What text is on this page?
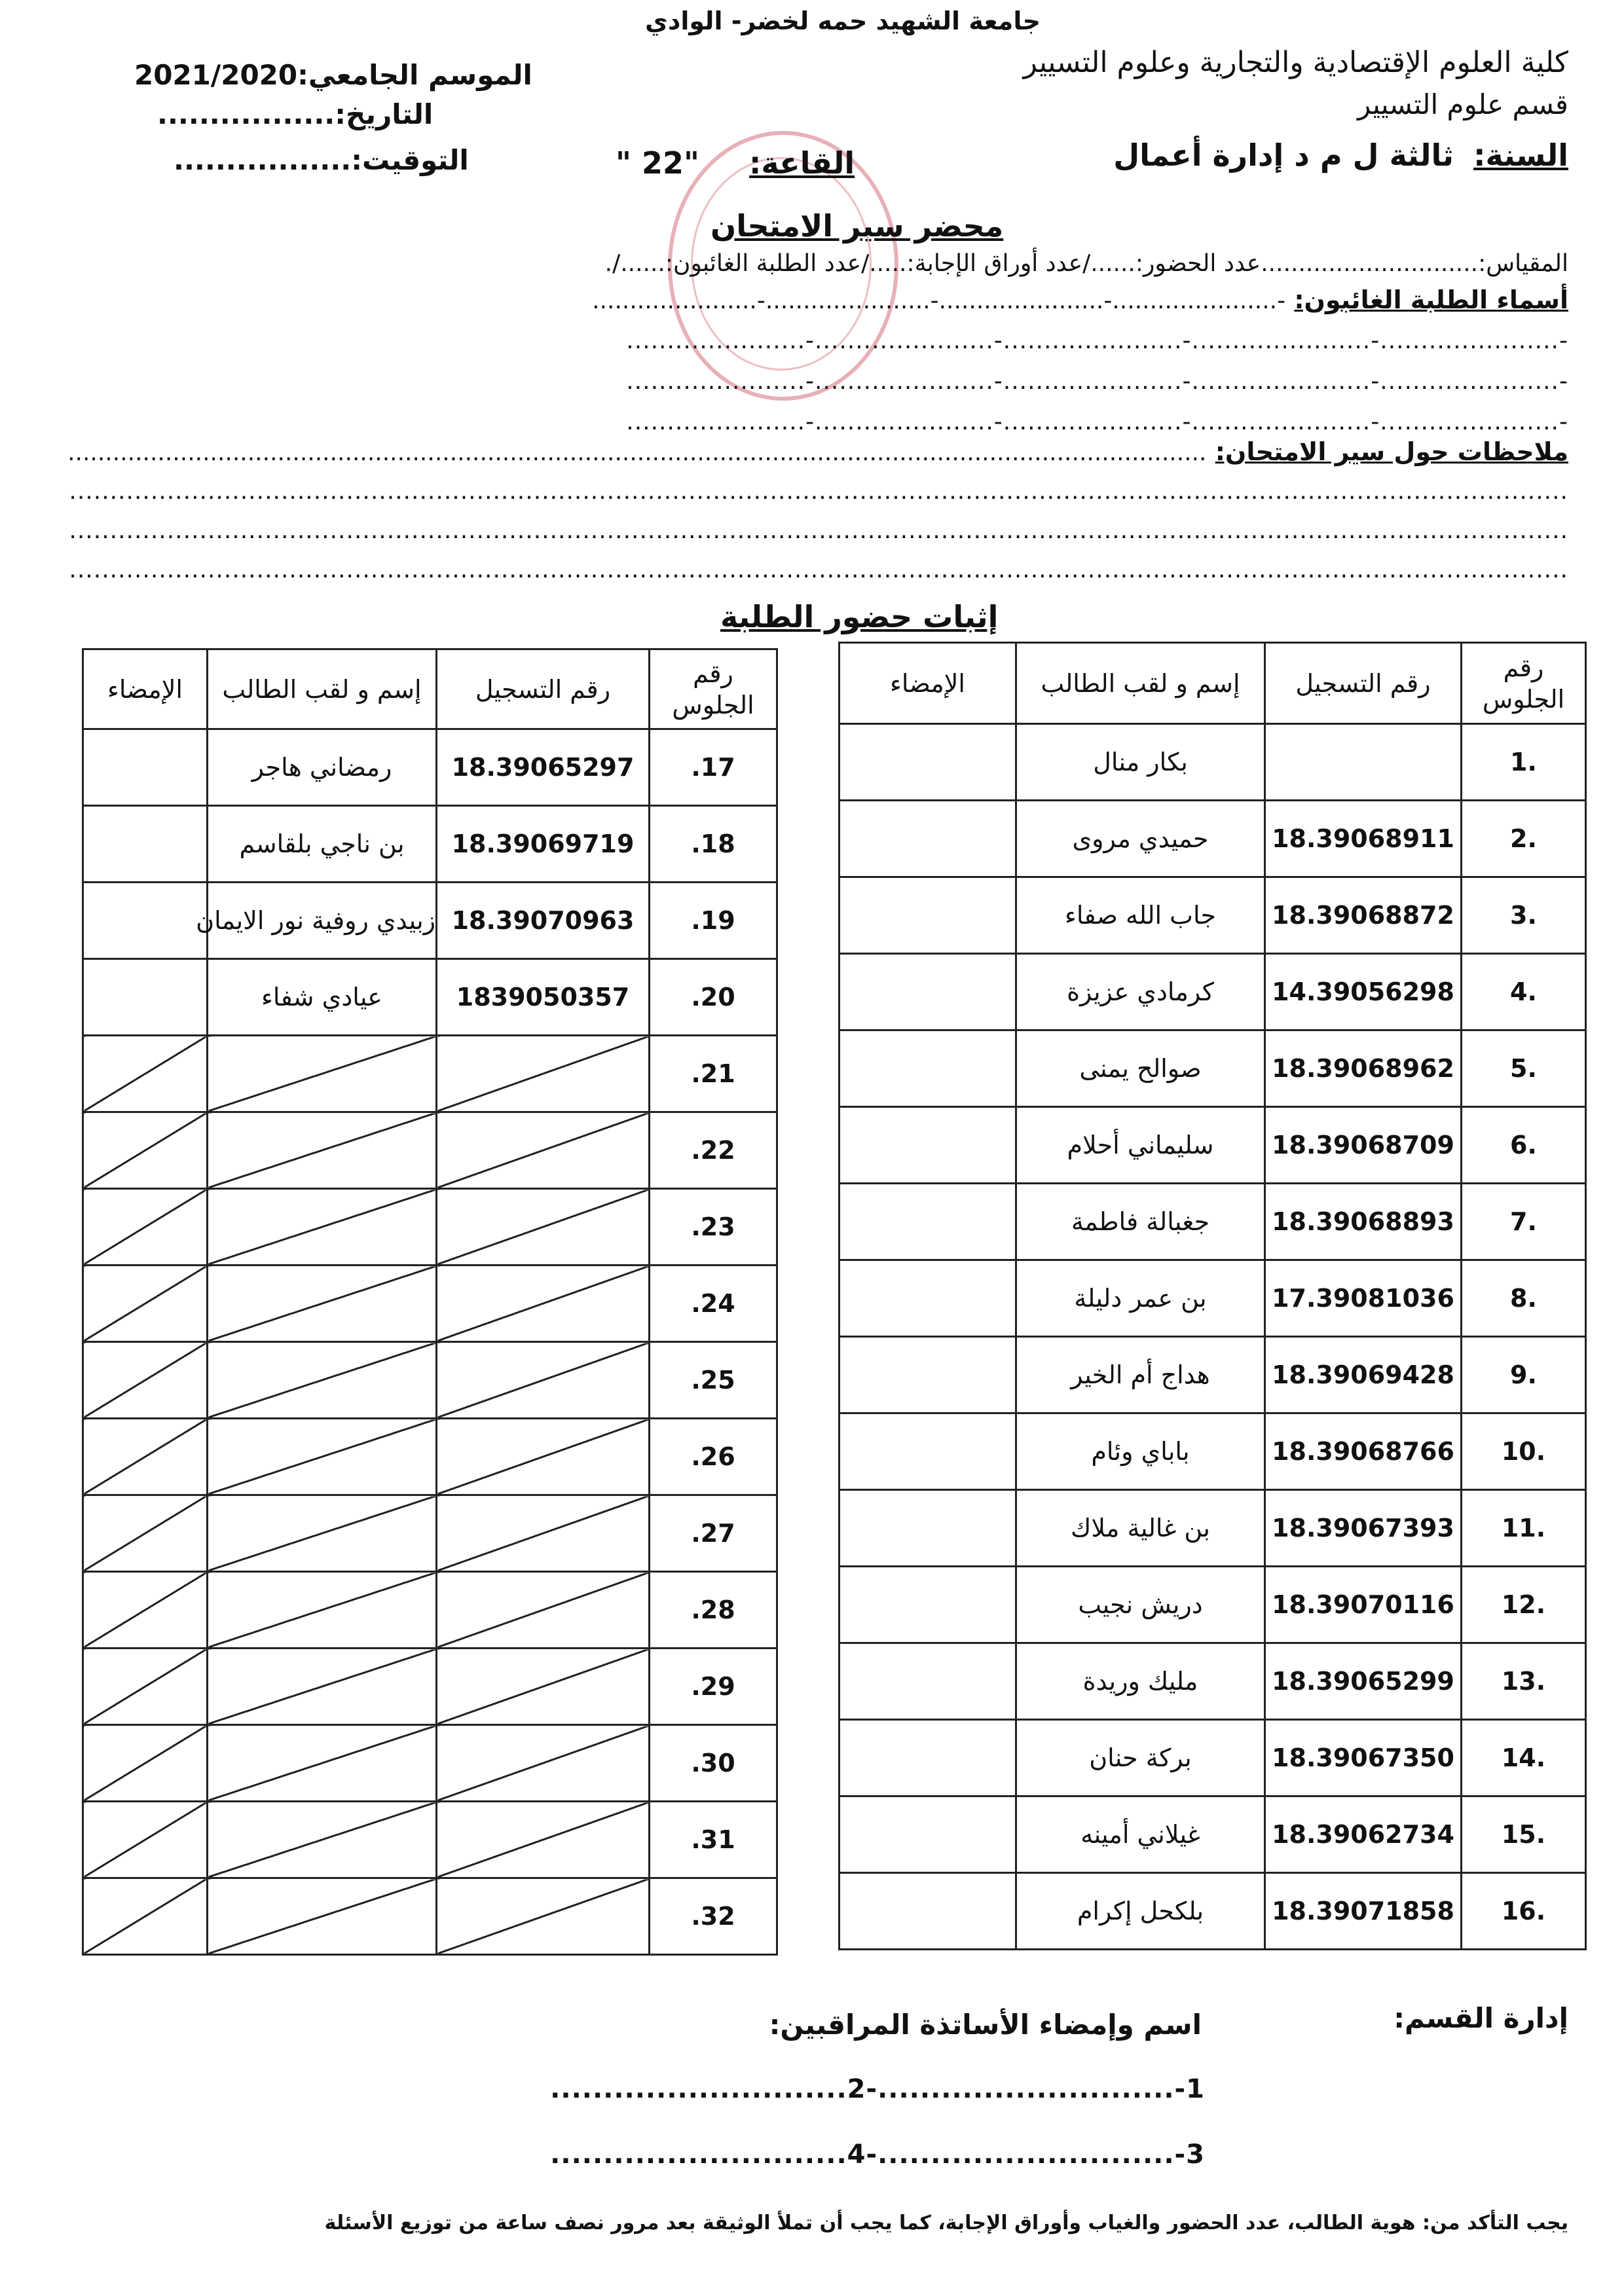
جامعة الشهيد حمه لخضر- الوادي
كلية العلوم الإقتصادية والتجارية وعلوم التسيير
قسم علوم التسيير
الموسم الجامعي:2021/2020
التاريخ:.................
التوقيت:.................	السنة: ثالثة ل م د إدارة أعمال
القاعة: "22 "
محضر سير الامتحان
المقياس:.............................عدد الحضور:....../عدد أوراق الإجابة:...../عدد الطلبة الغائبون:....../.
أسماء الطلبة الغائبون: -......................-......................-......................-......................
-......................-......................-......................-......................-......................
-......................-......................-......................-......................-......................
-......................-......................-......................-......................-......................
ملاحظات حول سير الامتحان: ........................................................................................................................................................
........................................................................................................................................................................................
........................................................................................................................................................................................
........................................................................................................................................................................................
إثبات حضور الطلبة
رقم
الجلوس	رقم التسجيل	إسم و لقب الطالب	الإمضاء
1.		بكار منال	
2.	18.39068911	حميدي مروى	
3.	18.39068872	جاب الله صفاء	
4.	14.39056298	كرمادي عزيزة	
5.	18.39068962	صوالح يمنى	
6.	18.39068709	سليماني أحلام	
7.	18.39068893	جغبالة فاطمة	
8.	17.39081036	بن عمر دليلة	
9.	18.39069428	هداج أم الخير	
10.	18.39068766	باباي وئام	
11.	18.39067393	بن غالية ملاك	
12.	18.39070116	دريش نجيب	
13.	18.39065299	مليك وريدة	
14.	18.39067350	بركة حنان	
15.	18.39062734	غيلاني أمينه	
16.	18.39071858	بلكحل إكرام	
رقم
الجلوس	رقم التسجيل	إسم و لقب الطالب	الإمضاء
.17	18.39065297	رمضاني هاجر	
.18	18.39069719	بن ناجي بلقاسم	
.19	18.39070963	زبيدي روفية نور الايمان	
.20	1839050357	عيادي شفاء	
.21			
.22			
.23			
.24			
.25			
.26			
.27			
.28			
.29			
.30			
.31			
.32			
إدارة القسم:
اسم وإمضاء الأساتذة المراقبين:
1-............................-2............................
3-............................-4............................
يجب التأكد من: هوية الطالب، عدد الحضور والغياب وأوراق الإجابة، كما يجب أن تملأ الوثيقة بعد مرور نصف ساعة من توزيع الأسئلة
